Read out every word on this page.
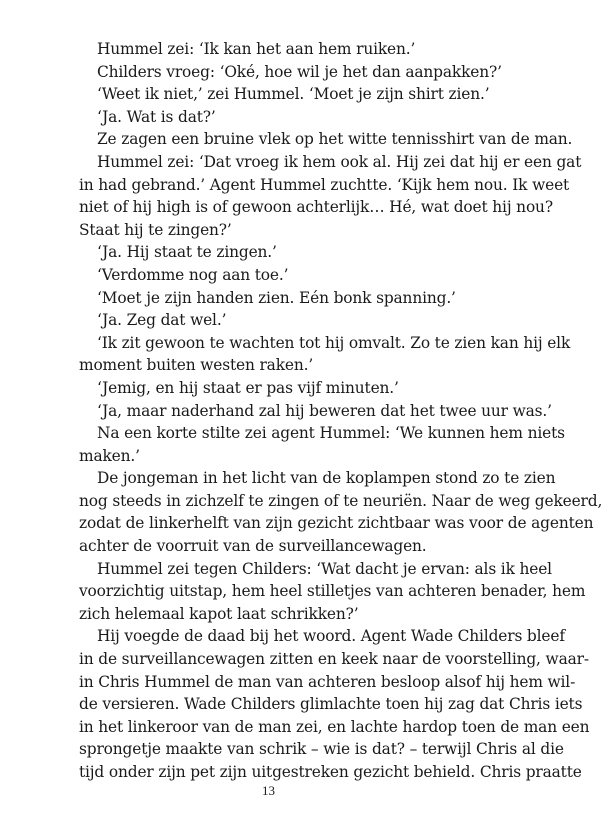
Hummel zei: ‘Ik kan het aan hem ruiken.’
Childers vroeg: ‘Oké, hoe wil je het dan aanpakken?’
‘Weet ik niet,’ zei Hummel. ‘Moet je zijn shirt zien.’
‘Ja. Wat is dat?’
Ze zagen een bruine vlek op het witte tennisshirt van de man.
Hummel zei: ‘Dat vroeg ik hem ook al. Hij zei dat hij er een gat
in had gebrand.’ Agent Hummel zuchtte. ‘Kijk hem nou. Ik weet
niet of hij high is of gewoon achterlijk… Hé, wat doet hij nou?
Staat hij te zingen?’
‘Ja. Hij staat te zingen.’
‘Verdomme nog aan toe.’
‘Moet je zijn handen zien. Eén bonk spanning.’
‘Ja. Zeg dat wel.’
‘Ik zit gewoon te wachten tot hij omvalt. Zo te zien kan hij elk
moment buiten westen raken.’
‘Jemig, en hij staat er pas vijf minuten.’
‘Ja, maar naderhand zal hij beweren dat het twee uur was.’
Na een korte stilte zei agent Hummel: ‘We kunnen hem niets
maken.’
De jongeman in het licht van de koplampen stond zo te zien
nog steeds in zichzelf te zingen of te neuriën. Naar de weg gekeerd,
zodat de linkerhelft van zijn gezicht zichtbaar was voor de agenten
achter de voorruit van de surveillancewagen.
Hummel zei tegen Childers: ‘Wat dacht je ervan: als ik heel
voorzichtig uitstap, hem heel stilletjes van achteren benader, hem
zich helemaal kapot laat schrikken?’
Hij voegde de daad bij het woord. Agent Wade Childers bleef
in de surveillancewagen zitten en keek naar de voorstelling, waar-
in Chris Hummel de man van achteren besloop alsof hij hem wil-
de versieren. Wade Childers glimlachte toen hij zag dat Chris iets
in het linkeroor van de man zei, en lachte hardop toen de man een
sprongetje maakte van schrik – wie is dat? – terwijl Chris al die
tijd onder zijn pet zijn uitgestreken gezicht behield. Chris praatte
13
